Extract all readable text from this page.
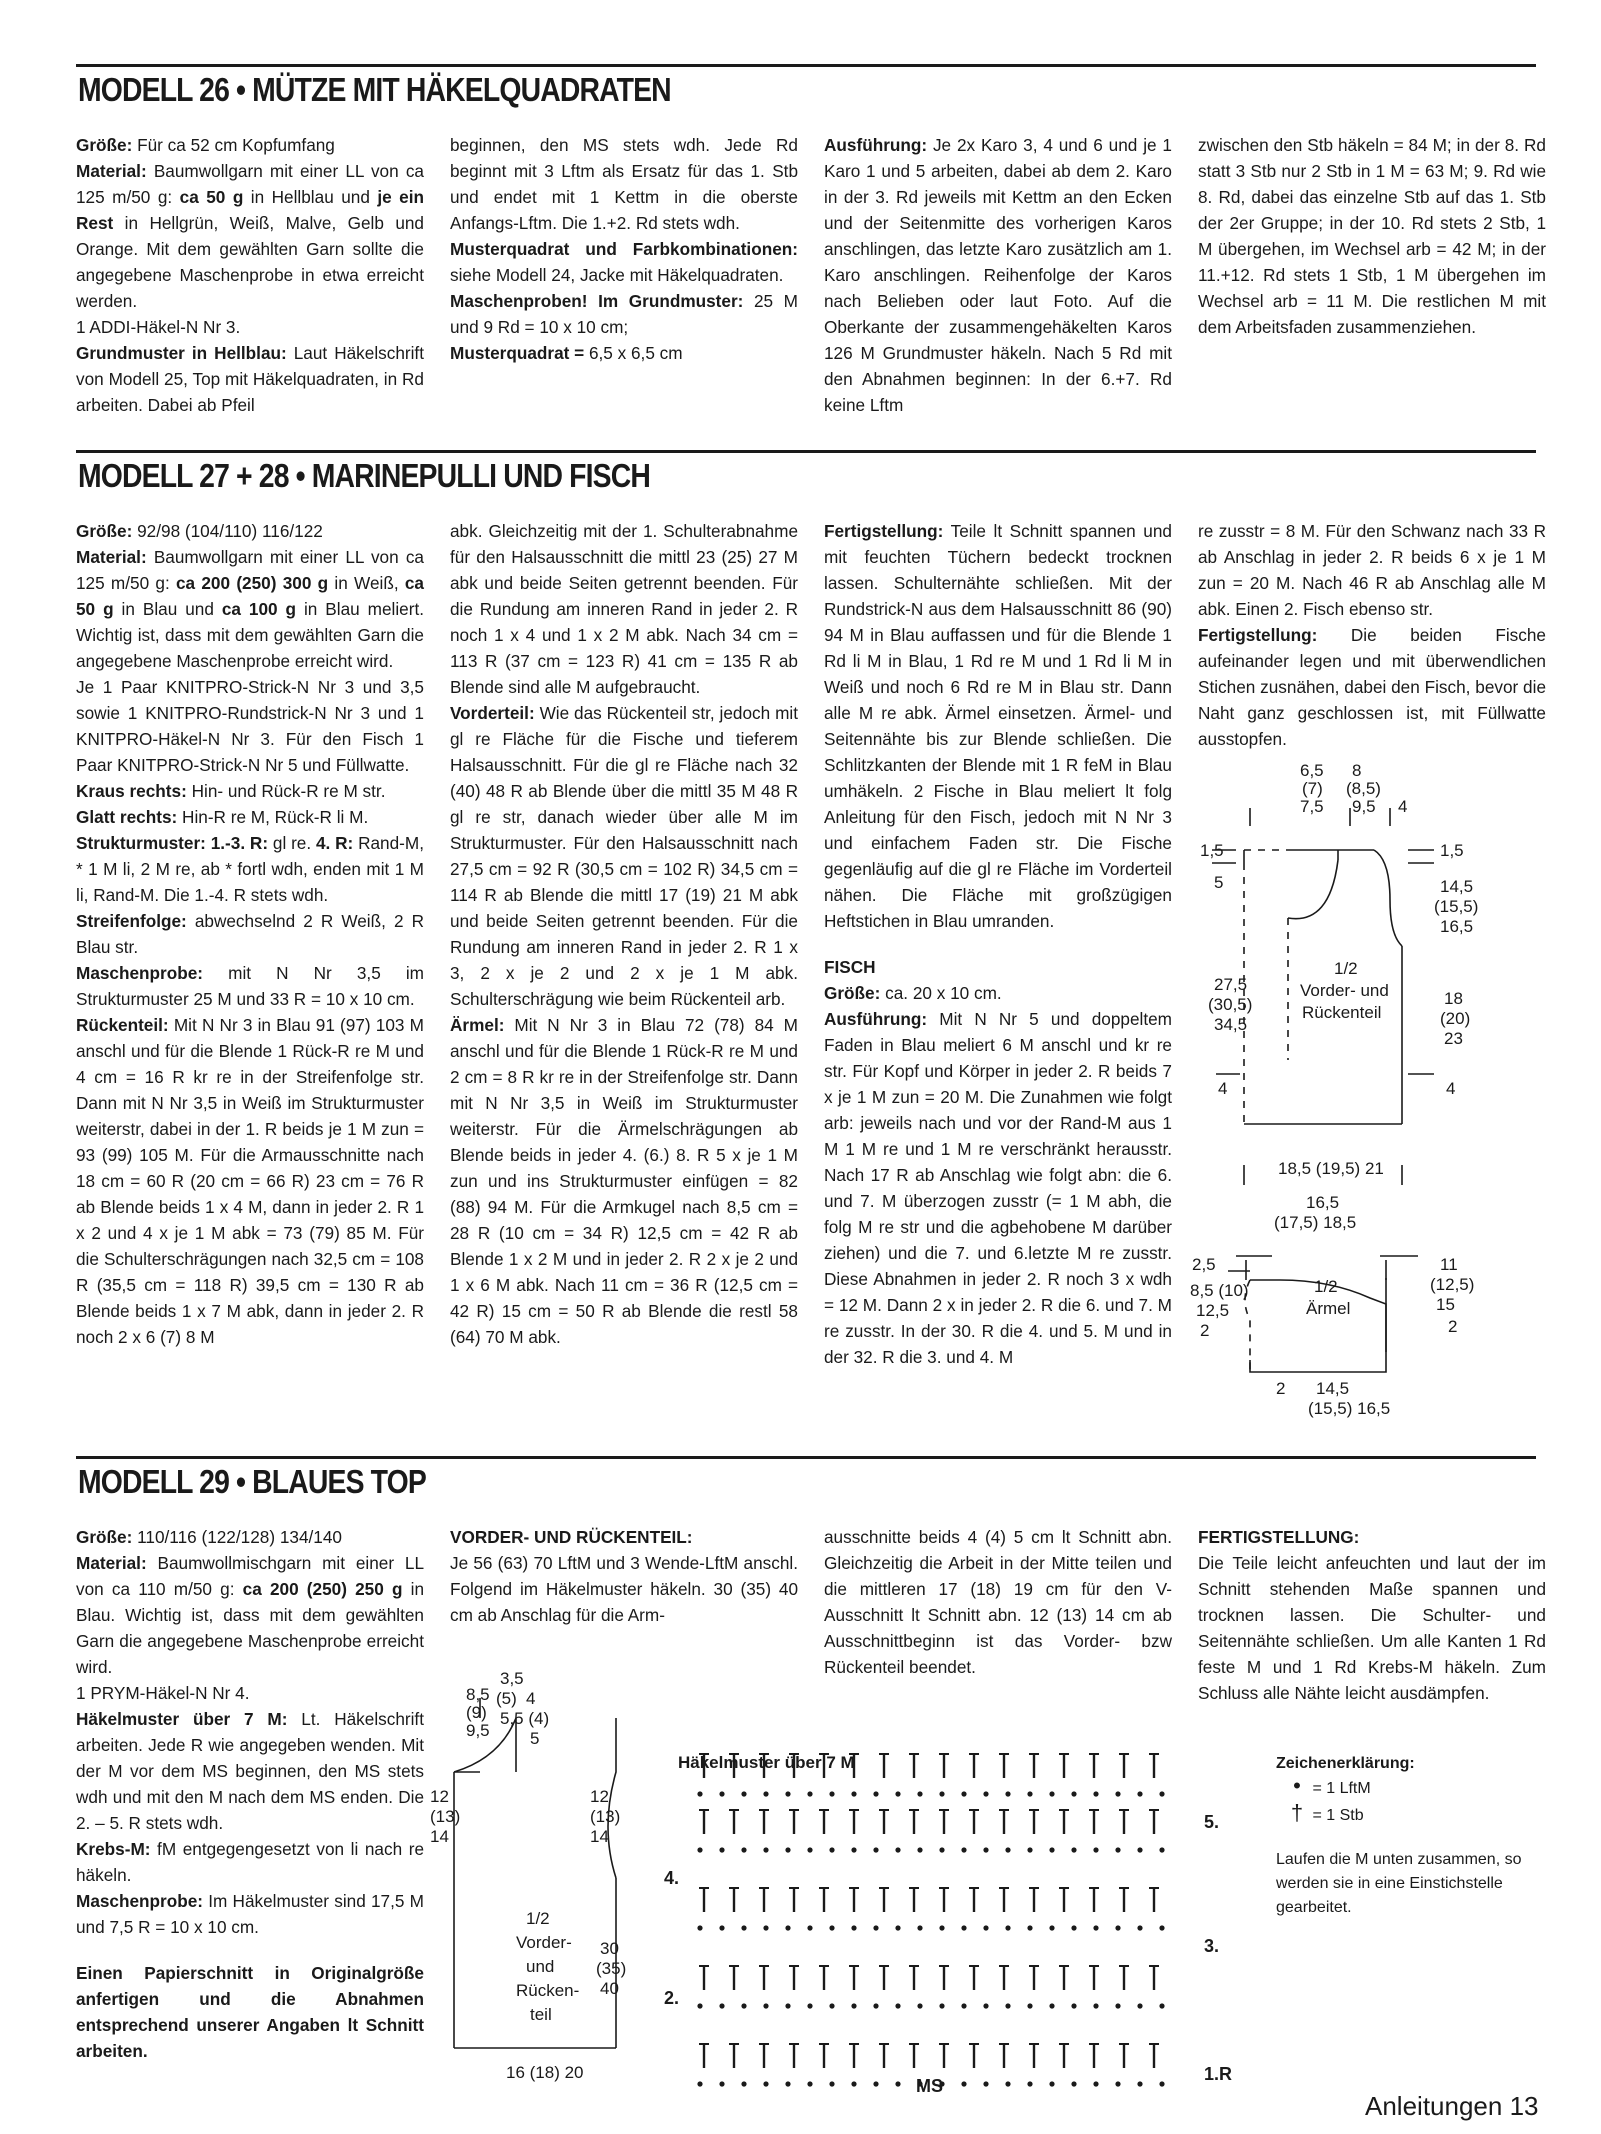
MODELL 26 • MÜTZE MIT HÄKELQUADRATEN
MODELL 27 + 28 • MARINEPULLI UND FISCH
MODELL 29 • BLAUES TOP

Größe: Für ca 52 cm Kopfumfang

Material: Baumwollgarn mit einer LL von ca 125 m/50 g: ca 50 g in Hellblau und je ein Rest in Hellgrün, Weiß, Malve, Gelb und Orange. Mit dem gewählten Garn sollte die angegebene Maschenprobe in etwa erreicht werden.

1 ADDI-Häkel-N Nr 3.

Grundmuster in Hellblau: Laut Häkelschrift von Modell 25, Top mit Häkelquadraten, in Rd arbeiten. Dabei ab Pfeil

beginnen, den MS stets wdh. Jede Rd beginnt mit 3 Lftm als Ersatz für das 1. Stb und endet mit 1 Kettm in die oberste Anfangs-Lftm. Die 1.+2. Rd stets wdh.

Musterquadrat und Farbkombinationen: siehe Modell 24, Jacke mit Häkelquadraten.

Maschenproben! Im Grundmuster: 25 M und 9 Rd = 10 x 10 cm;

Musterquadrat = 6,5 x 6,5 cm

Ausführung: Je 2x Karo 3, 4 und 6 und je 1 Karo 1 und 5 arbeiten, dabei ab dem 2. Karo in der 3. Rd jeweils mit Kettm an den Ecken und der Seitenmitte des vorherigen Karos anschlingen, das letzte Karo zusätzlich am 1. Karo anschlingen. Reihenfolge der Karos nach Belieben oder laut Foto. Auf die Oberkante der zusammengehäkelten Karos 126 M Grundmuster häkeln. Nach 5 Rd mit den Abnahmen beginnen: In der 6.+7. Rd keine Lftm

zwischen den Stb häkeln = 84 M; in der 8. Rd statt 3 Stb nur 2 Stb in 1 M = 63 M; 9. Rd wie 8. Rd, dabei das einzelne Stb auf das 1. Stb der 2er Gruppe; in der 10. Rd stets 2 Stb, 1 M übergehen, im Wechsel arb = 42 M; in der 11.+12. Rd stets 1 Stb, 1 M übergehen im Wechsel arb = 11 M. Die restlichen M mit dem Arbeitsfaden zusammenziehen.

Größe: 92/98 (104/110) 116/122

Material: Baumwollgarn mit einer LL von ca 125 m/50 g: ca 200 (250) 300 g in Weiß, ca 50 g in Blau und ca 100 g in Blau meliert. Wichtig ist, dass mit dem gewählten Garn die angegebene Maschenprobe erreicht wird.

Je 1 Paar KNITPRO-Strick-N Nr 3 und 3,5 sowie 1 KNITPRO-Rundstrick-N Nr 3 und 1 KNITPRO-Häkel-N Nr 3. Für den Fisch 1 Paar KNITPRO-Strick-N Nr 5 und Füllwatte.

Kraus rechts: Hin- und Rück-R re M str.

Glatt rechts: Hin-R re M, Rück-R li M.

Strukturmuster: 1.-3. R: gl re. 4. R: Rand-M, * 1 M li, 2 M re, ab * fortl wdh, enden mit 1 M li, Rand-M. Die 1.-4. R stets wdh.

Streifenfolge: abwechselnd 2 R Weiß, 2 R Blau str.

Maschenprobe: mit N Nr 3,5 im Strukturmuster 25 M und 33 R = 10 x 10 cm.

Rückenteil: Mit N Nr 3 in Blau 91 (97) 103 M anschl und für die Blende 1 Rück-R re M und 4 cm = 16 R kr re in der Streifenfolge str. Dann mit N Nr 3,5 in Weiß im Strukturmuster weiterstr, dabei in der 1. R beids je 1 M zun = 93 (99) 105 M. Für die Armausschnitte nach 18 cm = 60 R (20 cm = 66 R) 23 cm = 76 R ab Blende beids 1 x 4 M, dann in jeder 2. R 1 x 2 und 4 x je 1 M abk = 73 (79) 85 M. Für die Schulterschrägungen nach 32,5 cm = 108 R (35,5 cm = 118 R) 39,5 cm = 130 R ab Blende beids 1 x 7 M abk, dann in jeder 2. R noch 2 x 6 (7) 8 M

abk. Gleichzeitig mit der 1. Schulterabnahme für den Halsausschnitt die mittl 23 (25) 27 M abk und beide Seiten getrennt beenden. Für die Rundung am inneren Rand in jeder 2. R noch 1 x 4 und 1 x 2 M abk. Nach 34 cm = 113 R (37 cm = 123 R) 41 cm = 135 R ab Blende sind alle M aufgebraucht.

Vorderteil: Wie das Rückenteil str, jedoch mit gl re Fläche für die Fische und tieferem Halsausschnitt. Für die gl re Fläche nach 32 (40) 48 R ab Blende über die mittl 35 M 48 R gl re str, danach wieder über alle M im Strukturmuster. Für den Halsausschnitt nach 27,5 cm = 92 R (30,5 cm = 102 R) 34,5 cm = 114 R ab Blende die mittl 17 (19) 21 M abk und beide Seiten getrennt beenden. Für die Rundung am inneren Rand in jeder 2. R 1 x 3, 2 x je 2 und 2 x je 1 M abk. Schulterschrägung wie beim Rückenteil arb.

Ärmel: Mit N Nr 3 in Blau 72 (78) 84 M anschl und für die Blende 1 Rück-R re M und 2 cm = 8 R kr re in der Streifenfolge str. Dann mit N Nr 3,5 in Weiß im Strukturmuster weiterstr. Für die Ärmelschrägungen ab Blende beids in jeder 4. (6.) 8. R 5 x je 1 M zun und ins Strukturmuster einfügen = 82 (88) 94 M. Für die Armkugel nach 8,5 cm = 28 R (10 cm = 34 R) 12,5 cm = 42 R ab Blende 1 x 2 M und in jeder 2. R 2 x je 2 und 1 x 6 M abk. Nach 11 cm = 36 R (12,5 cm = 42 R) 15 cm = 50 R ab Blende die restl 58 (64) 70 M abk.

Fertigstellung: Teile lt Schnitt spannen und mit feuchten Tüchern bedeckt trocknen lassen. Schulternähte schließen. Mit der Rundstrick-N aus dem Halsausschnitt 86 (90) 94 M in Blau auffassen und für die Blende 1 Rd li M in Blau, 1 Rd re M und 1 Rd li M in Weiß und noch 6 Rd re M in Blau str. Dann alle M re abk. Ärmel einsetzen. Ärmel- und Seitennähte bis zur Blende schließen. Die Schlitzkanten der Blende mit 1 R feM in Blau umhäkeln. 2 Fische in Blau meliert lt folg Anleitung für den Fisch, jedoch mit N Nr 3 und einfachem Faden str. Die Fische gegenläufig auf die gl re Fläche im Vorderteil nähen. Die Fläche mit großzügigen Heftstichen in Blau umranden.

FISCH

Größe: ca. 20 x 10 cm.

Ausführung: Mit N Nr 5 und doppeltem Faden in Blau meliert 6 M anschl und kr re str. Für Kopf und Körper in jeder 2. R beids 7 x je 1 M zun = 20 M. Die Zunahmen wie folgt arb: jeweils nach und vor der Rand-M aus 1 M 1 M re und 1 M re verschränkt herausstr. Nach 17 R ab Anschlag wie folgt abn: die 6. und 7. M überzogen zusstr (= 1 M abh, die folg M re str und die agbehobene M darüber ziehen) und die 7. und 6.letzte M re zusstr. Diese Abnahmen in jeder 2. R noch 3 x wdh = 12 M. Dann 2 x in jeder 2. R die 6. und 7. M re zusstr. In der 30. R die 4. und 5. M und in der 32. R die 3. und 4. M

re zusstr = 8 M. Für den Schwanz nach 33 R ab Anschlag in jeder 2. R beids 6 x je 1 M zun = 20 M. Nach 46 R ab Anschlag alle M abk. Einen 2. Fisch ebenso str.

Fertigstellung: Die beiden Fische aufeinander legen und mit überwendlichen Stichen zusnähen, dabei den Fisch, bevor die Naht ganz geschlossen ist, mit Füllwatte ausstopfen.

Größe: 110/116 (122/128) 134/140

Material: Baumwollmischgarn mit einer LL von ca 110 m/50 g: ca 200 (250) 250 g in Blau. Wichtig ist, dass mit dem gewählten Garn die angegebene Maschenprobe erreicht wird.

1 PRYM-Häkel-N Nr 4.

Häkelmuster über 7 M: Lt. Häkelschrift arbeiten. Jede R wie angegeben wenden. Mit der M vor dem MS beginnen, den MS stets wdh und mit den M nach dem MS enden. Die 2. – 5. R stets wdh.

Krebs-M: fM entgegengesetzt von li nach re häkeln.

Maschenprobe: Im Häkelmuster sind 17,5 M und 7,5 R = 10 x 10 cm.

Einen Papierschnitt in Originalgröße anfertigen und die Abnahmen entsprechend unserer Angaben lt Schnitt arbeiten.

VORDER- UND RÜCKENTEIL:

Je 56 (63) 70 LftM und 3 Wende-LftM anschl. Folgend im Häkelmuster häkeln. 30 (35) 40 cm ab Anschlag für die Arm-

ausschnitte beids 4 (4) 5 cm lt Schnitt abn. Gleichzeitig die Arbeit in der Mitte teilen und die mittleren 17 (18) 19 cm für den V-Ausschnitt lt Schnitt abn. 12 (13) 14 cm ab Ausschnittbeginn ist das Vorder- bzw Rückenteil beendet.

FERTIGSTELLUNG:

Die Teile leicht anfeuchten und laut der im Schnitt stehenden Maße spannen und trocknen lassen. Die Schulter- und Seitennähte schließen. Um alle Kanten 1 Rd feste M und 1 Rd Krebs-M häkeln. Zum Schluss alle Nähte leicht ausdämpfen.

6,5
(7)
7,5
8
(8,5)
9,5 4
1,5	1,5
5	14,5
(15,5)
16,5
27,5
(30,5)
34,5
1/2
Vorder- und
Rückenteil
18
(20)
23
4	4
18,5 (19,5) 21
16,5
(17,5) 18,5
2,5
8,5 (10)
12,5
2
1/2
Ärmel
11
(12,5)
15
2
2 14,5
(15,5) 16,5
3,5
(5) 4
8,5
(9)
9,5
5,5 (4)
5
12
(13)
14
12
(13)
14
1/2
Vorder-
und
Rücken-
teil
30
(35)
40
16 (18) 20
Häkelmuster über 7 M
5.
4.
3.
2.
1.R
MS
Zeichenerklärung:
• = 1 LftM
† = 1 Stb
Laufen die M unten zusammen, so werden sie in eine Einstichstelle gearbeitet.
Anleitungen 13
